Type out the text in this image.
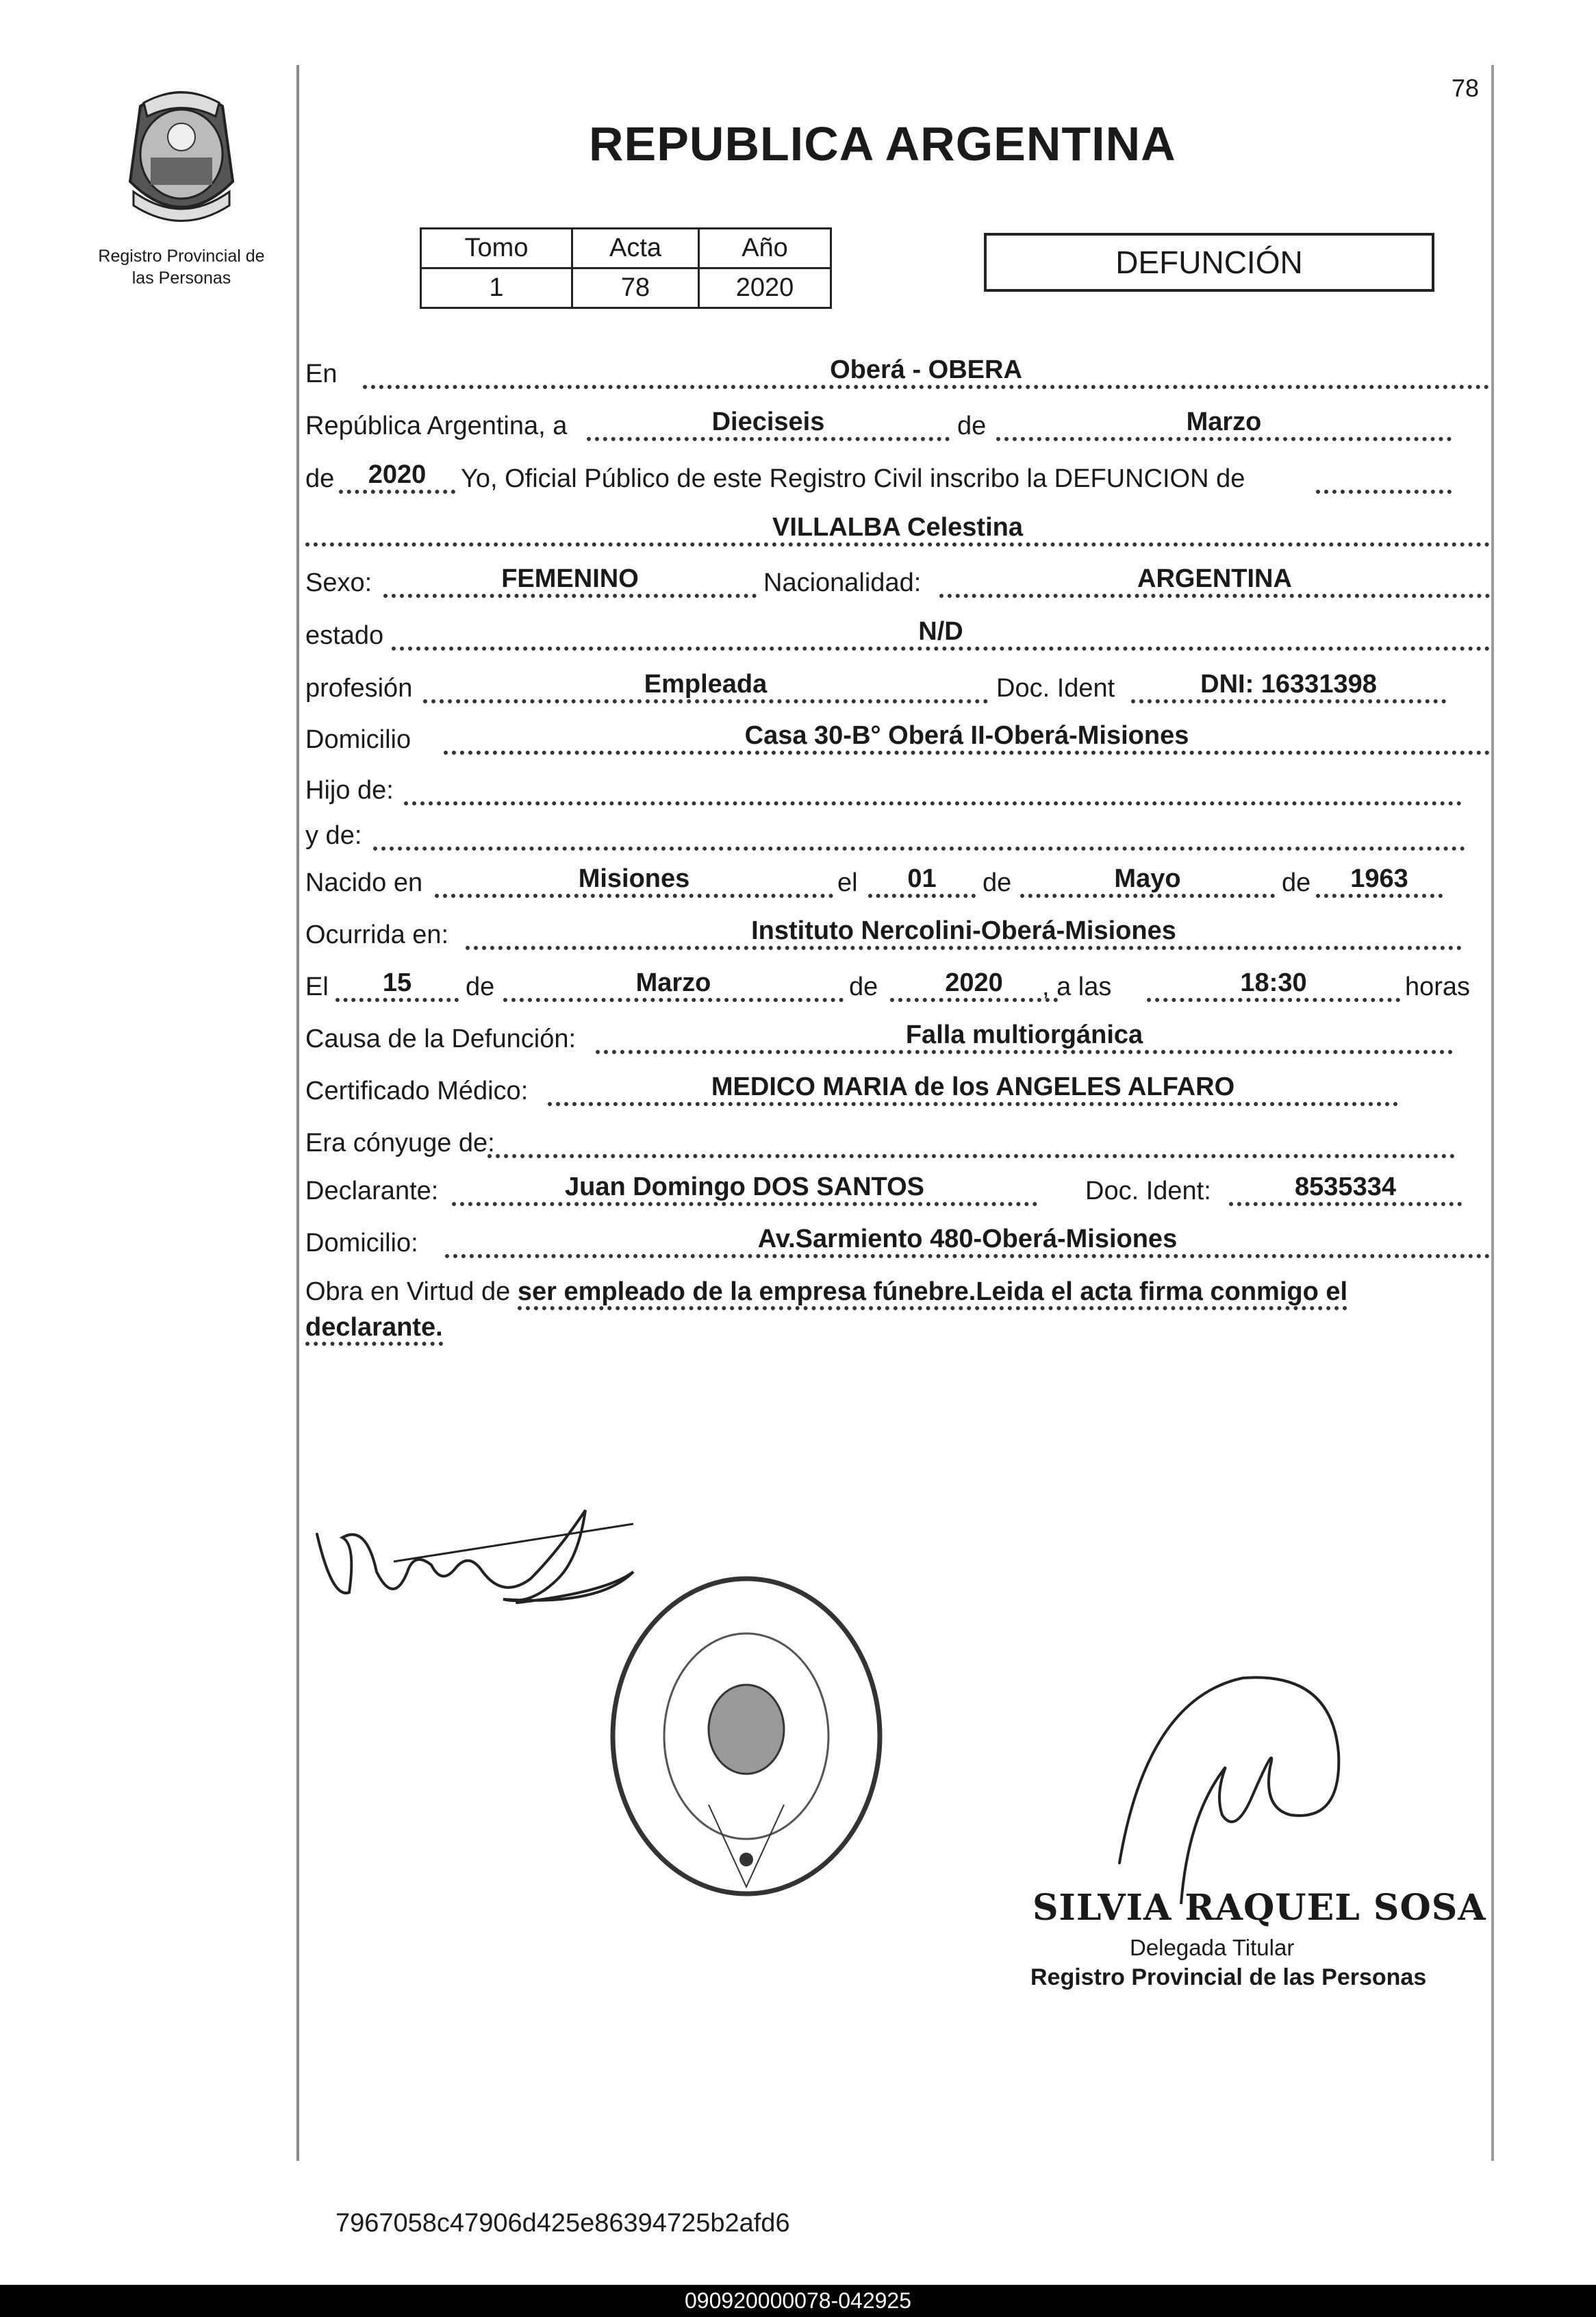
Registro Provincial de
las Personas
78
REPUBLICA ARGENTINA
Tomo	Acta	Año
1	78	2020
DEFUNCIÓN
En	Oberá - OBERA
República Argentina, a	Dieciseis	de	Marzo
de	2020	Yo, Oficial Público de este Registro Civil inscribo la DEFUNCION de
VILLALBA Celestina
Sexo:	FEMENINO	Nacionalidad:	ARGENTINA
estado	N/D
profesión	Empleada	Doc. Ident	DNI: 16331398
Domicilio	Casa 30-B° Oberá II-Oberá-Misiones
Hijo de:
y de:
Nacido en	Misiones	el	01	de	Mayo	de	1963
Ocurrida en:	Instituto Nercolini-Oberá-Misiones
El	15	de	Marzo	de	2020	, a las	18:30	horas
Causa de la Defunción:	Falla multiorgánica
Certificado Médico:	MEDICO MARIA de los ANGELES ALFARO
Era cónyuge de:
Declarante:	Juan Domingo DOS SANTOS	Doc. Ident:	8535334
Domicilio:	Av.Sarmiento 480-Oberá-Misiones
Obra en Virtud de ser empleado de la empresa fúnebre.Leida el acta firma conmigo el
declarante.
SILVIA RAQUEL SOSA
Delegada Titular
Registro Provincial de las Personas
7967058c47906d425e86394725b2afd6
090920000078-042925
